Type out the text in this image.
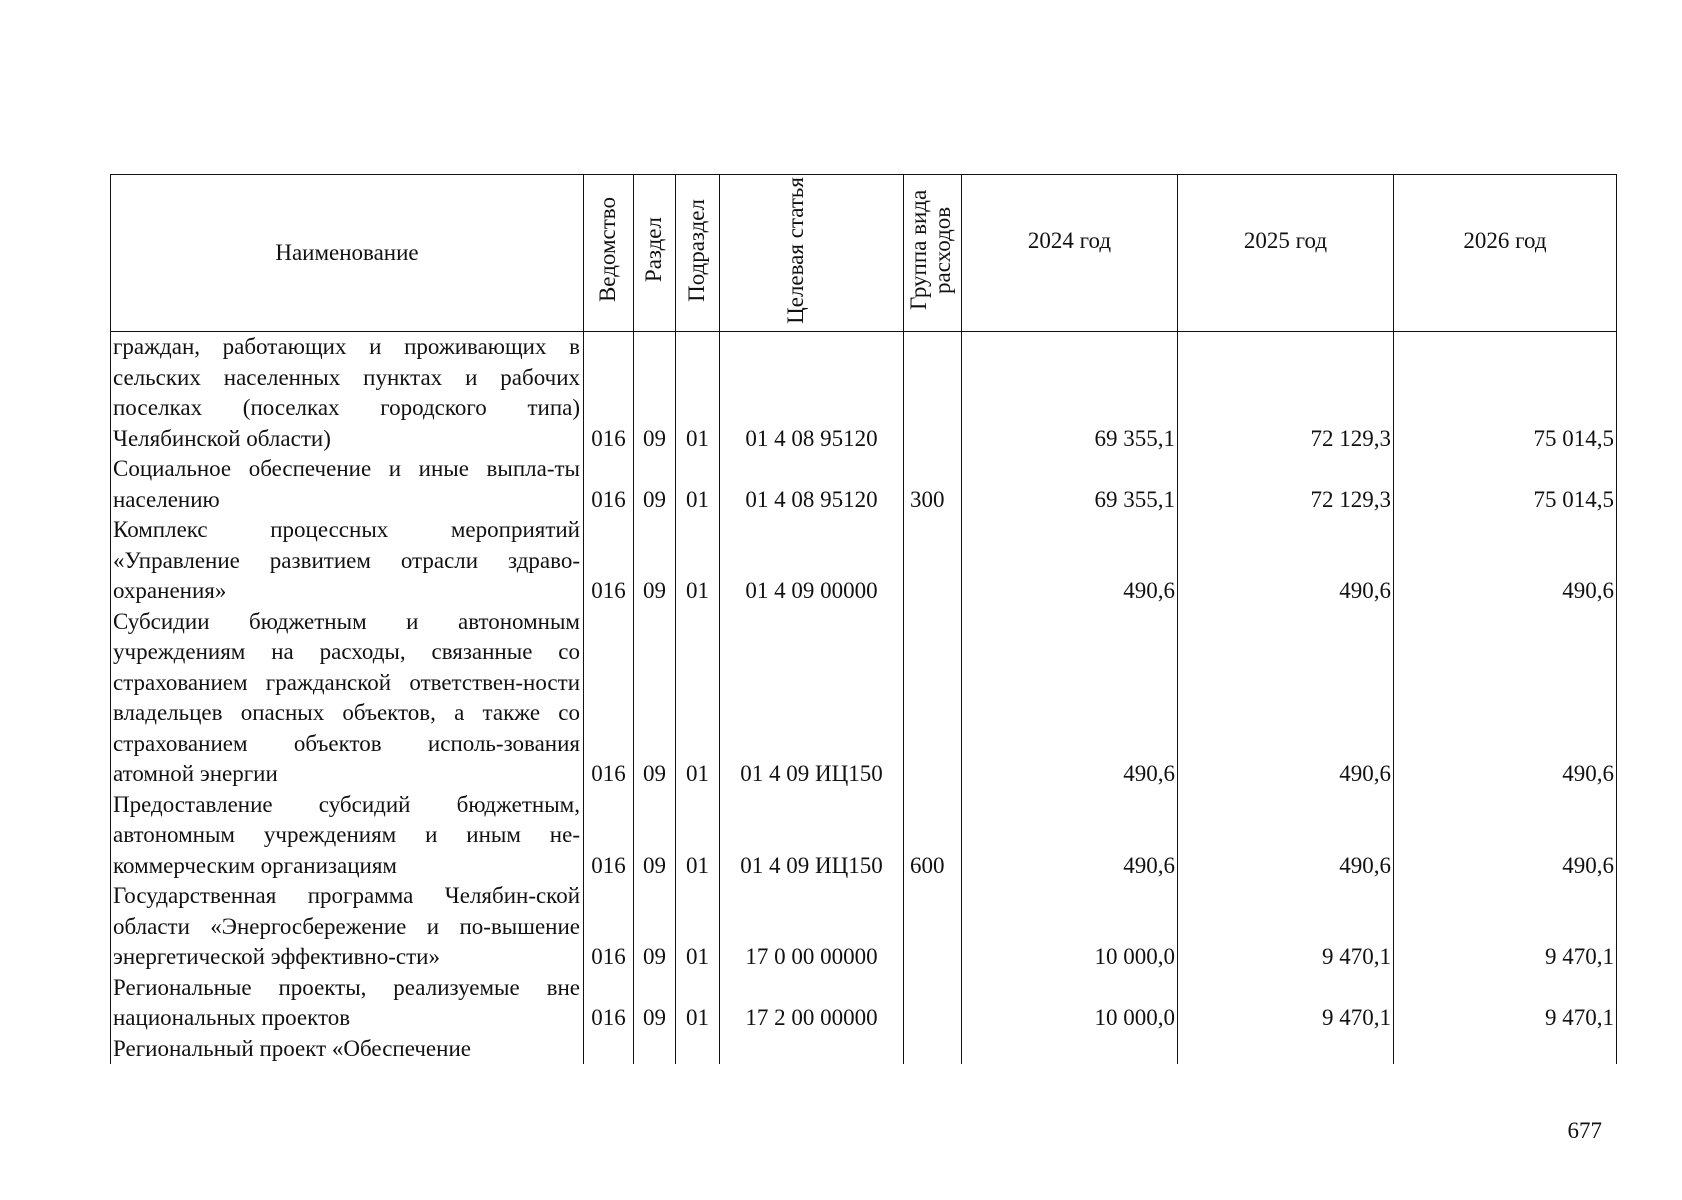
Наименование	Ведомство	Раздел	Подраздел	Целевая статья	Группа вида расходов	2024 год	2025 год	2026 год
граждан, работающих и проживающих в сельских населенных пунктах и рабочих поселках (поселках городского типа) Челябинской области)	016	09	01	01 4 08 95120		69 355,1	72 129,3	75 014,5
Социальное обеспечение и иные выпла-ты населению	016	09	01	01 4 08 95120	300	69 355,1	72 129,3	75 014,5
Комплекс процессных мероприятий «Управление развитием отрасли здраво-охранения»	016	09	01	01 4 09 00000		490,6	490,6	490,6
Субсидии бюджетным и автономным учреждениям на расходы, связанные со страхованием гражданской ответствен-ности владельцев опасных объектов, а также со страхованием объектов исполь-зования атомной энергии	016	09	01	01 4 09 ИЦ150		490,6	490,6	490,6
Предоставление субсидий бюджетным, автономным учреждениям и иным не-коммерческим организациям	016	09	01	01 4 09 ИЦ150	600	490,6	490,6	490,6
Государственная программа Челябин-ской области «Энергосбережение и по-вышение энергетической эффективно-сти»	016	09	01	17 0 00 00000		10 000,0	9 470,1	9 470,1
Региональные проекты, реализуемые вне национальных проектов	016	09	01	17 2 00 00000		10 000,0	9 470,1	9 470,1
Региональный проект «Обеспечение								
677
